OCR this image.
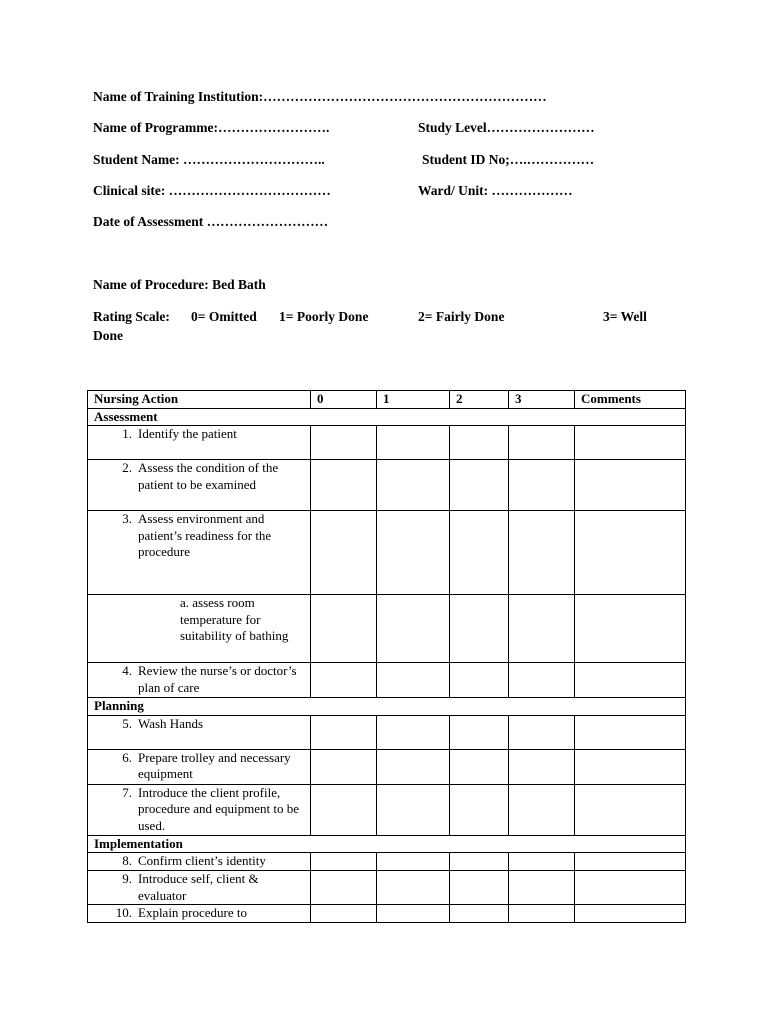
Name of Training Institution:………………………………………………………
Name of Programme:…………………….	Study Level……………………
Student Name: …………………………..	Student ID No;….……………
Clinical site: ………………………………	Ward/ Unit: ………………
Date of Assessment ………………………
Name of Procedure: Bed Bath
Rating Scale: 0= Omitted 1= Poorly Done	2= Fairly Done	3= Well
Done
Nursing Action	0	1	2	3	Comments
Assessment					

1. Identify the patient					

2. Assess the condition of the patient to be examined					

3. Assess environment and patient’s readiness for the procedure					

a. assess room temperature for suitability of bathing					

4. Review the nurse’s or doctor’s plan of care					

Planning					

5. Wash Hands					

6. Prepare trolley and necessary equipment					

7. Introduce the client profile, procedure and equipment to be used.					

Implementation					

8. Confirm client’s identity					

9. Introduce self, client & evaluator					

10. Explain procedure to					
